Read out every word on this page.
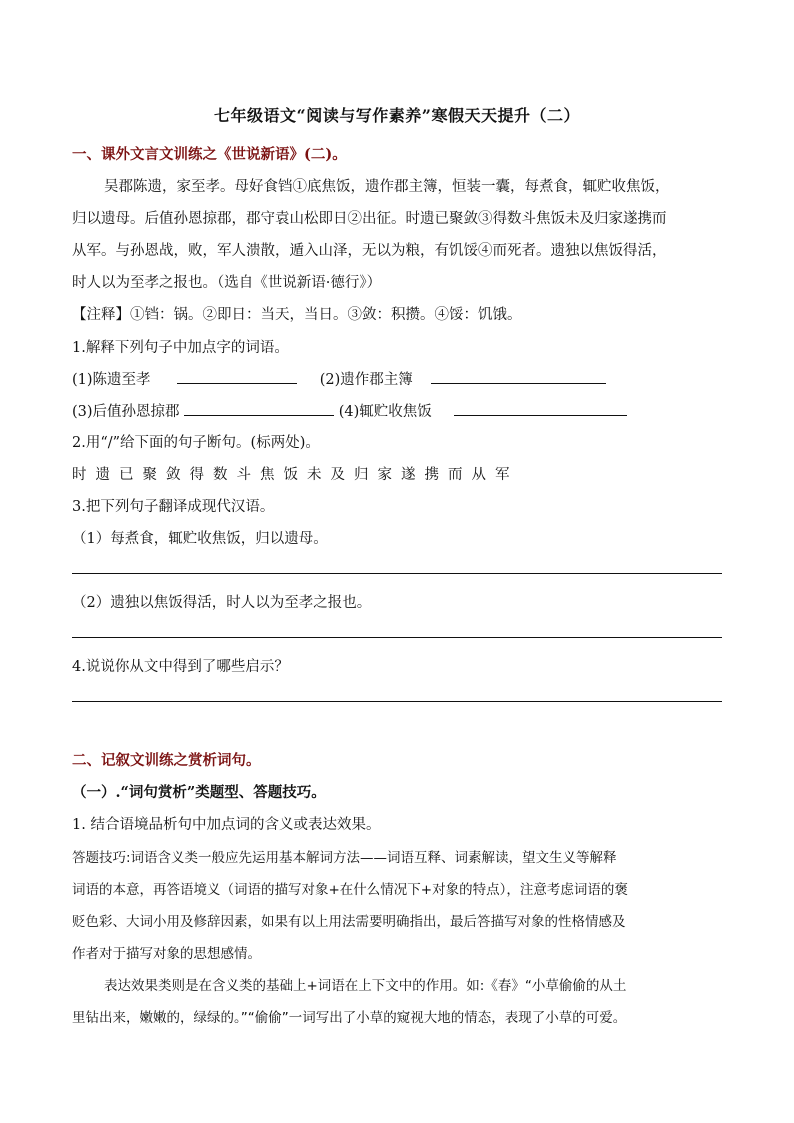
七年级语文“阅读与写作素养”寒假天天提升（二）
一、课外文言文训练之《世说新语》(二)。
吴郡陈遗，家至孝。母好食铛①底焦饭，遗作郡主簿，恒装一囊，每煮食，辄贮收焦饭，
归以遗母。后值孙恩掠郡，郡守袁山松即日②出征。时遗已聚敛③得数斗焦饭未及归家遂携而
从军。与孙恩战，败，军人溃散，遁入山泽，无以为粮，有饥馁④而死者。遗独以焦饭得活，
时人以为至孝之报也。（选自《世说新语·德行》）
【注释】①铛：锅。②即日：当天，当日。③敛：积攒。④馁：饥饿。
1.解释下列句子中加点字的词语。
(1)陈遗至孝	(2)遗作郡主簿
(3)后值孙恩掠郡	(4)辄贮收焦饭
2.用“/”给下面的句子断句。(标两处)。
时遗已聚敛得数斗焦饭未及归家遂携而从军
3.把下列句子翻译成现代汉语。
（1）每煮食，辄贮收焦饭，归以遗母。
（2）遗独以焦饭得活，时人以为至孝之报也。
4.说说你从文中得到了哪些启示？
二、记叙文训练之赏析词句。
（一）.“词句赏析”类题型、答题技巧。
1. 结合语境品析句中加点词的含义或表达效果。
答题技巧:词语含义类一般应先运用基本解词方法——词语互释、词素解读，望文生义等解释
词语的本意，再答语境义（词语的描写对象+在什么情况下+对象的特点），注意考虑词语的褒
贬色彩、大词小用及修辞因素，如果有以上用法需要明确指出，最后答描写对象的性格情感及
作者对于描写对象的思想感情。
表达效果类则是在含义类的基础上+词语在上下文中的作用。如:《春》“小草偷偷的从土
里钻出来，嫩嫩的，绿绿的。”“偷偷”一词写出了小草的窥视大地的情态，表现了小草的可爱。
